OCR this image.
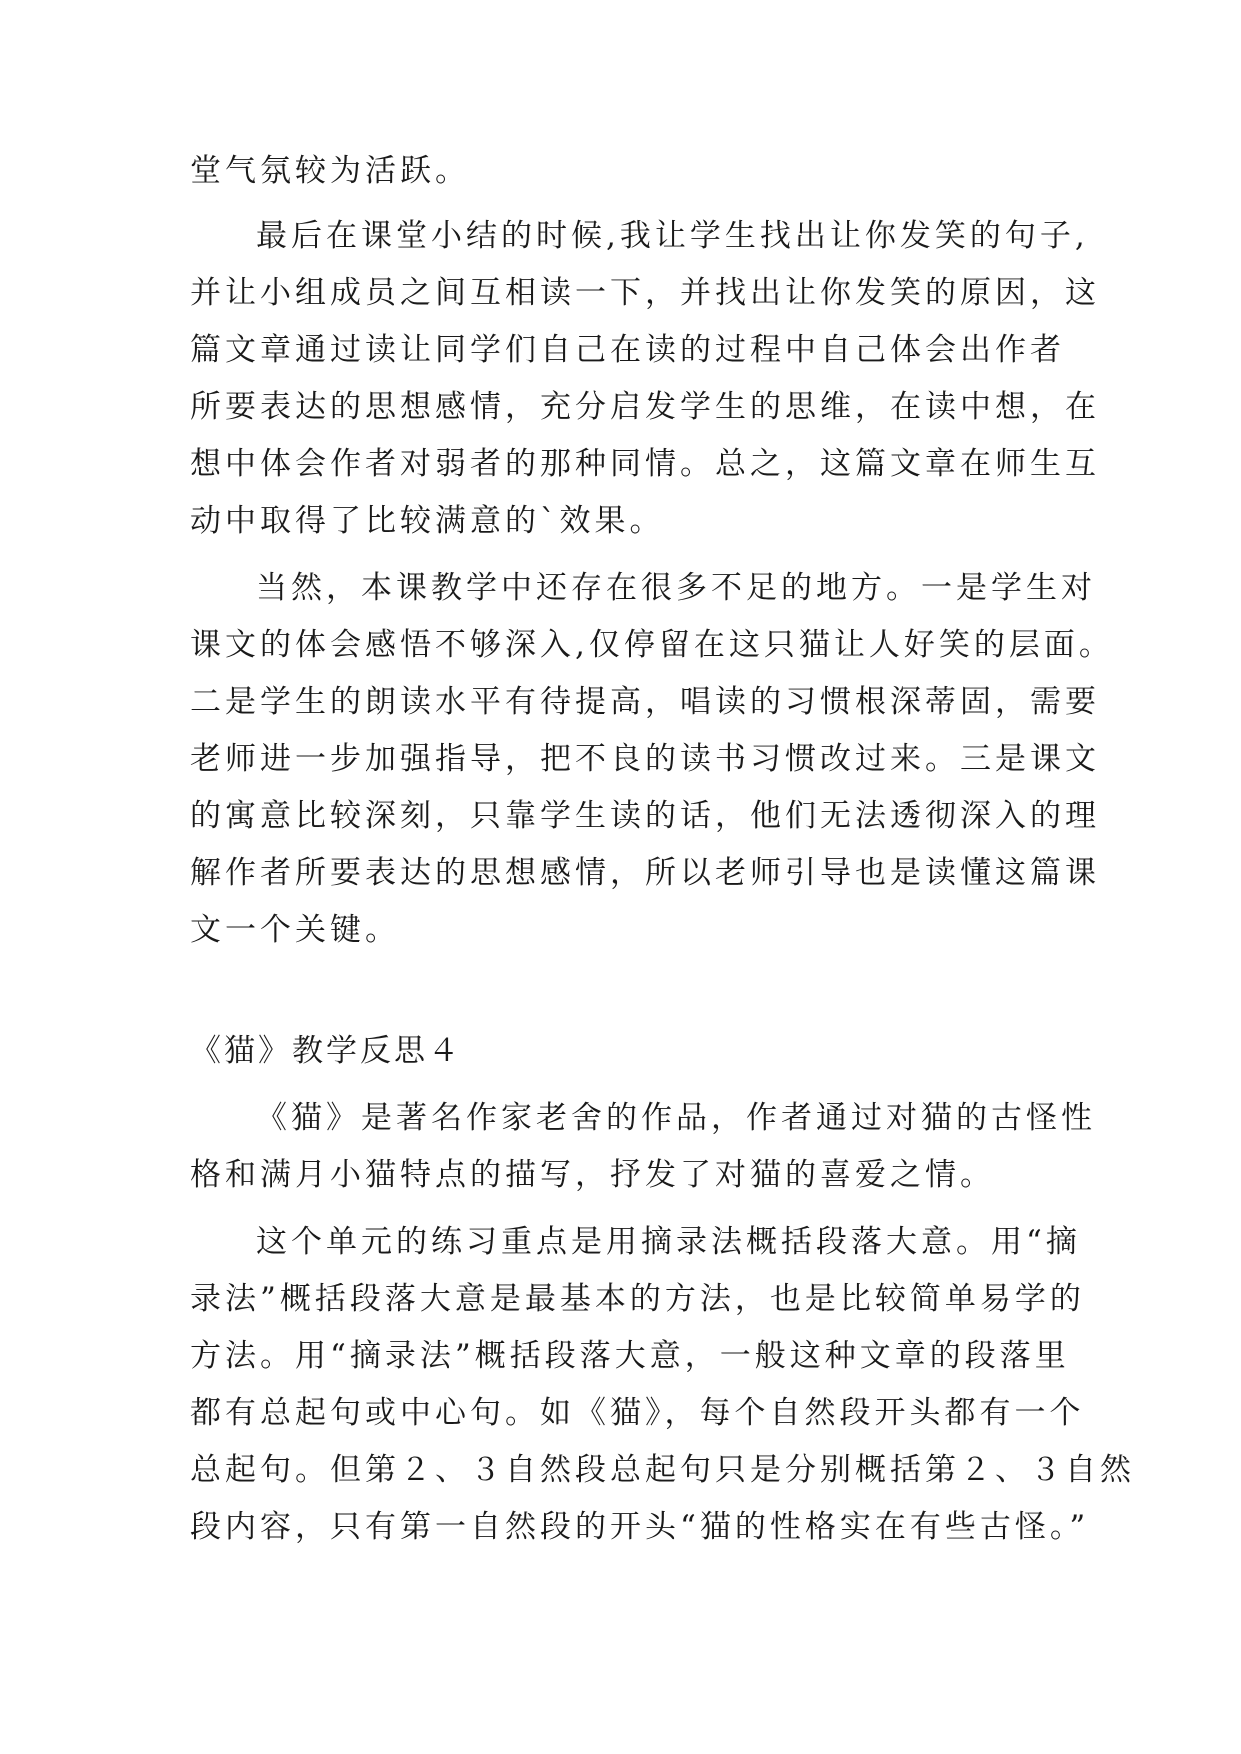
堂气氛较为活跃。
最后在课堂小结的时候,我让学生找出让你发笑的句子,
并让小组成员之间互相读一下，并找出让你发笑的原因，这
篇文章通过读让同学们自己在读的过程中自己体会出作者
所要表达的思想感情，充分启发学生的思维，在读中想，在
想中体会作者对弱者的那种同情。总之，这篇文章在师生互
动中取得了比较满意的`效果。
当然，本课教学中还存在很多不足的地方。一是学生对
课文的体会感悟不够深入,仅停留在这只猫让人好笑的层面。
二是学生的朗读水平有待提高，唱读的习惯根深蒂固，需要
老师进一步加强指导，把不良的读书习惯改过来。三是课文
的寓意比较深刻，只靠学生读的话，他们无法透彻深入的理
解作者所要表达的思想感情，所以老师引导也是读懂这篇课
文一个关键。
《猫》教学反思４
《猫》是著名作家老舍的作品，作者通过对猫的古怪性
格和满月小猫特点的描写，抒发了对猫的喜爱之情。
这个单元的练习重点是用摘录法概括段落大意。用“摘
录法”概括段落大意是最基本的方法，也是比较简单易学的
方法。用“摘录法”概括段落大意，一般这种文章的段落里
都有总起句或中心句。如《猫》，每个自然段开头都有一个
总起句。但第２、３自然段总起句只是分别概括第２、３自然
段内容，只有第一自然段的开头“猫的性格实在有些古怪。”
